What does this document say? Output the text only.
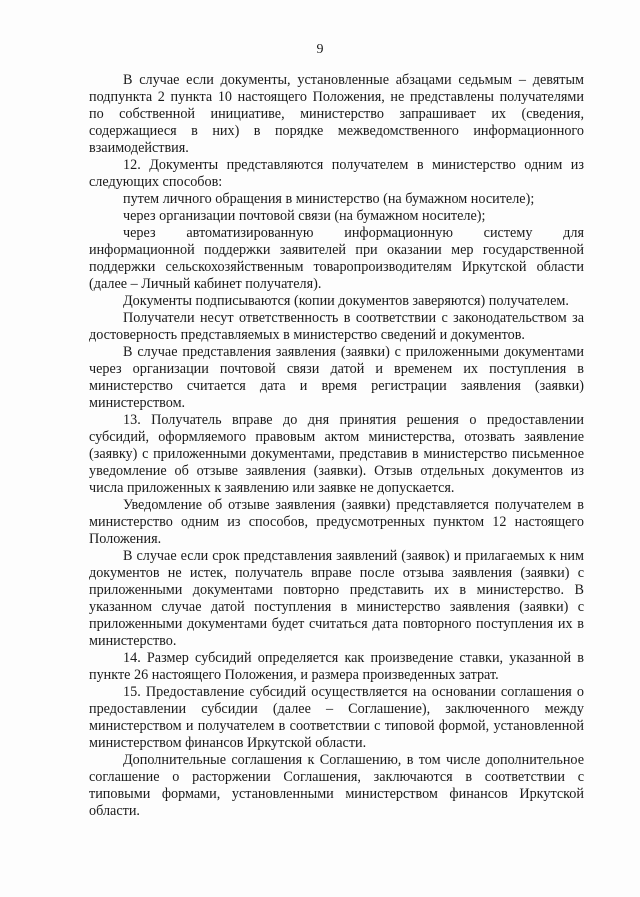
9

В случае если документы, установленные абзацами седьмым – девятым подпункта 2 пункта 10 настоящего Положения, не представлены получателями по собственной инициативе, министерство запрашивает их (сведения, содержащиеся в них) в порядке межведомственного информационного взаимодействия.

12. Документы представляются получателем в министерство одним из следующих способов:

путем личного обращения в министерство (на бумажном носителе);

через организации почтовой связи (на бумажном носителе);

через автоматизированную информационную систему для информационной поддержки заявителей при оказании мер государственной поддержки сельскохозяйственным товаропроизводителям Иркутской области (далее – Личный кабинет получателя).

Документы подписываются (копии документов заверяются) получателем.

Получатели несут ответственность в соответствии с законодательством за достоверность представляемых в министерство сведений и документов.

В случае представления заявления (заявки) с приложенными документами через организации почтовой связи датой и временем их поступления в министерство считается дата и время регистрации заявления (заявки) министерством.

13. Получатель вправе до дня принятия решения о предоставлении субсидий, оформляемого правовым актом министерства, отозвать заявление (заявку) с приложенными документами, представив в министерство письменное уведомление об отзыве заявления (заявки). Отзыв отдельных документов из числа приложенных к заявлению или заявке не допускается.

Уведомление об отзыве заявления (заявки) представляется получателем в министерство одним из способов, предусмотренных пунктом 12 настоящего Положения.

В случае если срок представления заявлений (заявок) и прилагаемых к ним документов не истек, получатель вправе после отзыва заявления (заявки) с приложенными документами повторно представить их в министерство. В указанном случае датой поступления в министерство заявления (заявки) с приложенными документами будет считаться дата повторного поступления их в министерство.

14. Размер субсидий определяется как произведение ставки, указанной в пункте 26 настоящего Положения, и размера произведенных затрат.

15. Предоставление субсидий осуществляется на основании соглашения о предоставлении субсидии (далее – Соглашение), заключенного между министерством и получателем в соответствии с типовой формой, установленной министерством финансов Иркутской области.

Дополнительные соглашения к Соглашению, в том числе дополнительное соглашение о расторжении Соглашения, заключаются в соответствии с типовыми формами, установленными министерством финансов Иркутской области.
